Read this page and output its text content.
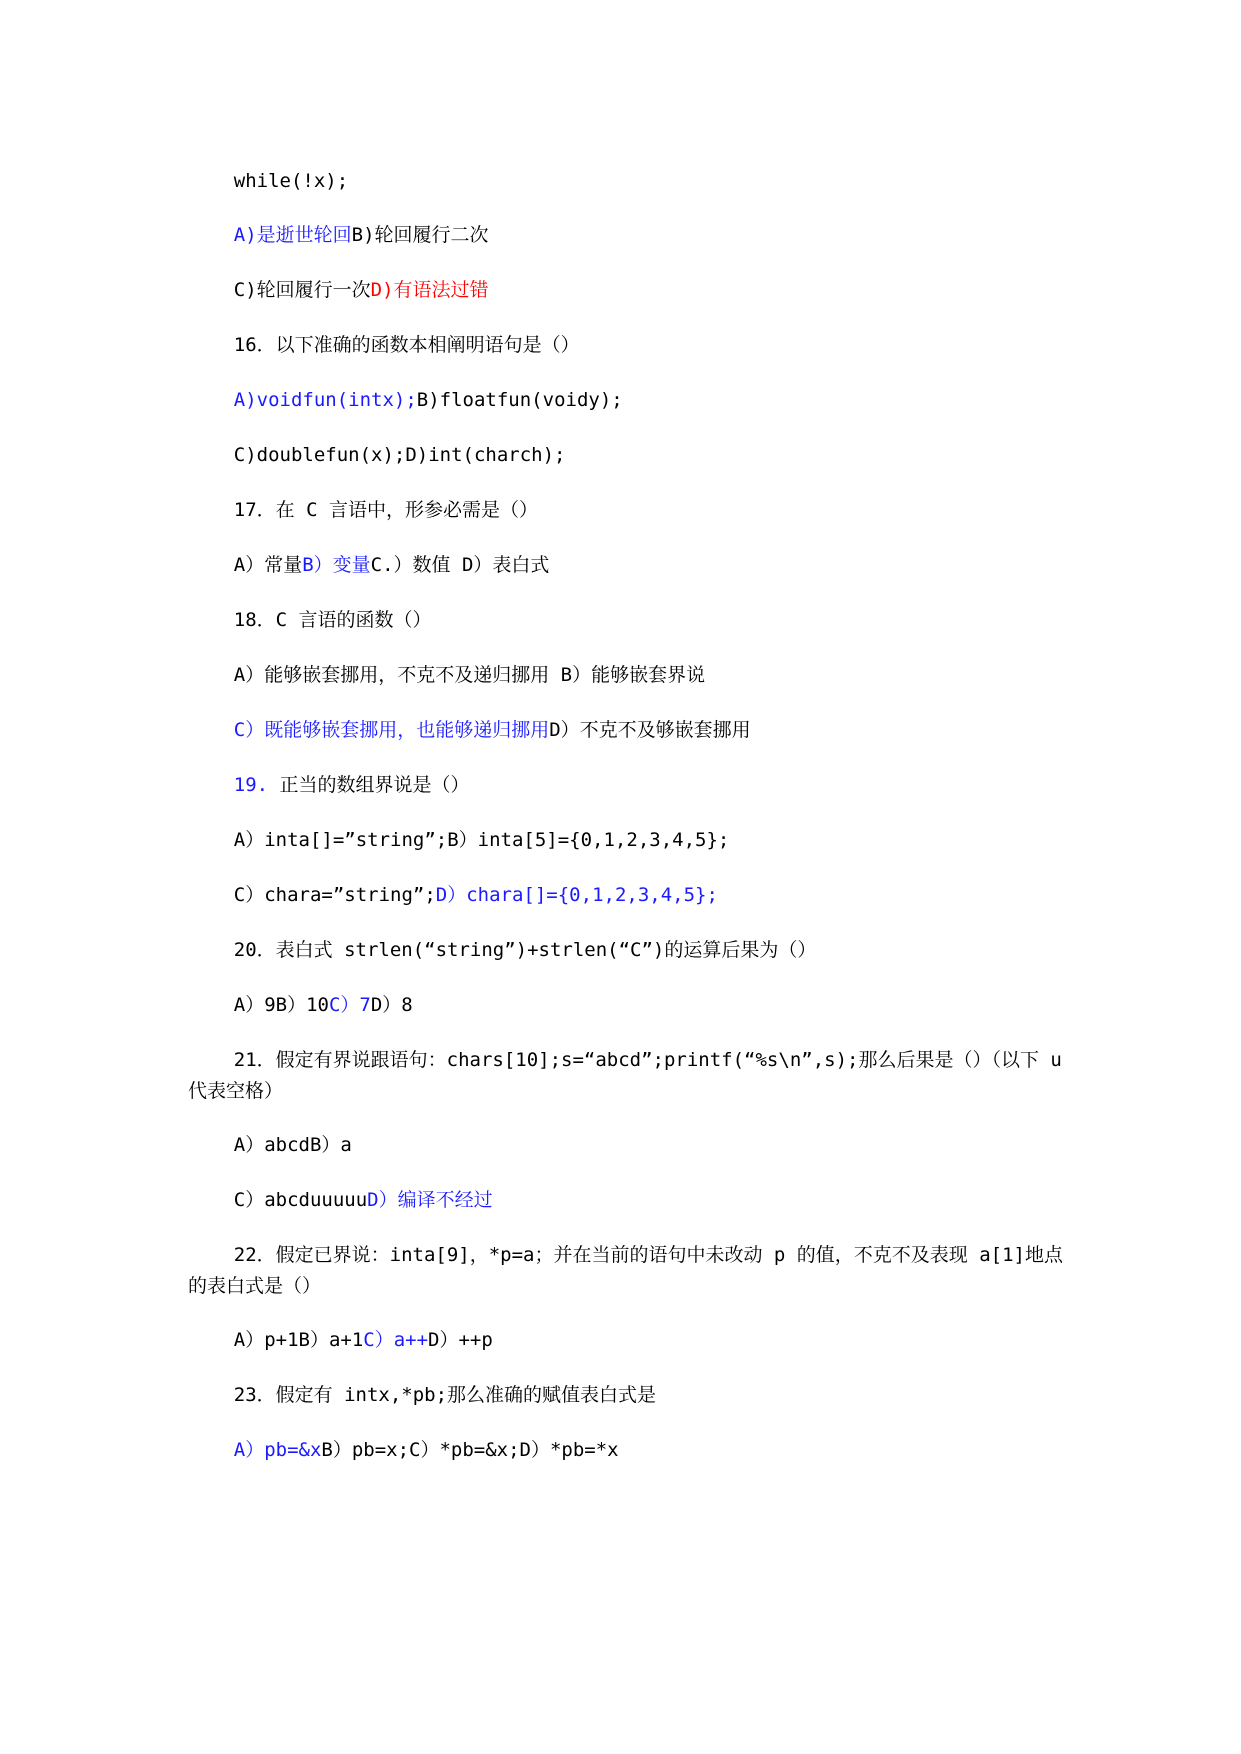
while(!x);

A)是逝世轮回B)轮回履行二次

C)轮回履行一次D)有语法过错

16．以下准确的函数本相阐明语句是（）

A)voidfun(intx);B)floatfun(voidy);

C)doublefun(x);D)int(charch);

17．在 C 言语中，形参必需是（）

A）常量B）变量C.）数值 D）表白式

18．C 言语的函数（）

A）能够嵌套挪用，不克不及递归挪用 B）能够嵌套界说

C）既能够嵌套挪用，也能够递归挪用D）不克不及够嵌套挪用

19. 正当的数组界说是（）

A）inta[]=”string”;B）inta[5]={0,1,2,3,4,5};

C）chara=”string”;D）chara[]={0,1,2,3,4,5};

20．表白式 strlen(“string”)+strlen(“C”)的运算后果为（）

A）9B）10C）7D）8

21．假定有界说跟语句：chars[10];s=“abcd”;printf(“%s\n”,s);那么后果是（）（以下 u 代表空格）

A）abcdB）a

C）abcduuuuuD）编译不经过

22．假定已界说：inta[9]，*p=a；并在当前的语句中未改动 p 的值，不克不及表现 a[1]地点的表白式是（）

A）p+1B）a+1C）a++D）++p

23．假定有 intx,*pb;那么准确的赋值表白式是

A）pb=&xB）pb=x;C）*pb=&x;D）*pb=*x
